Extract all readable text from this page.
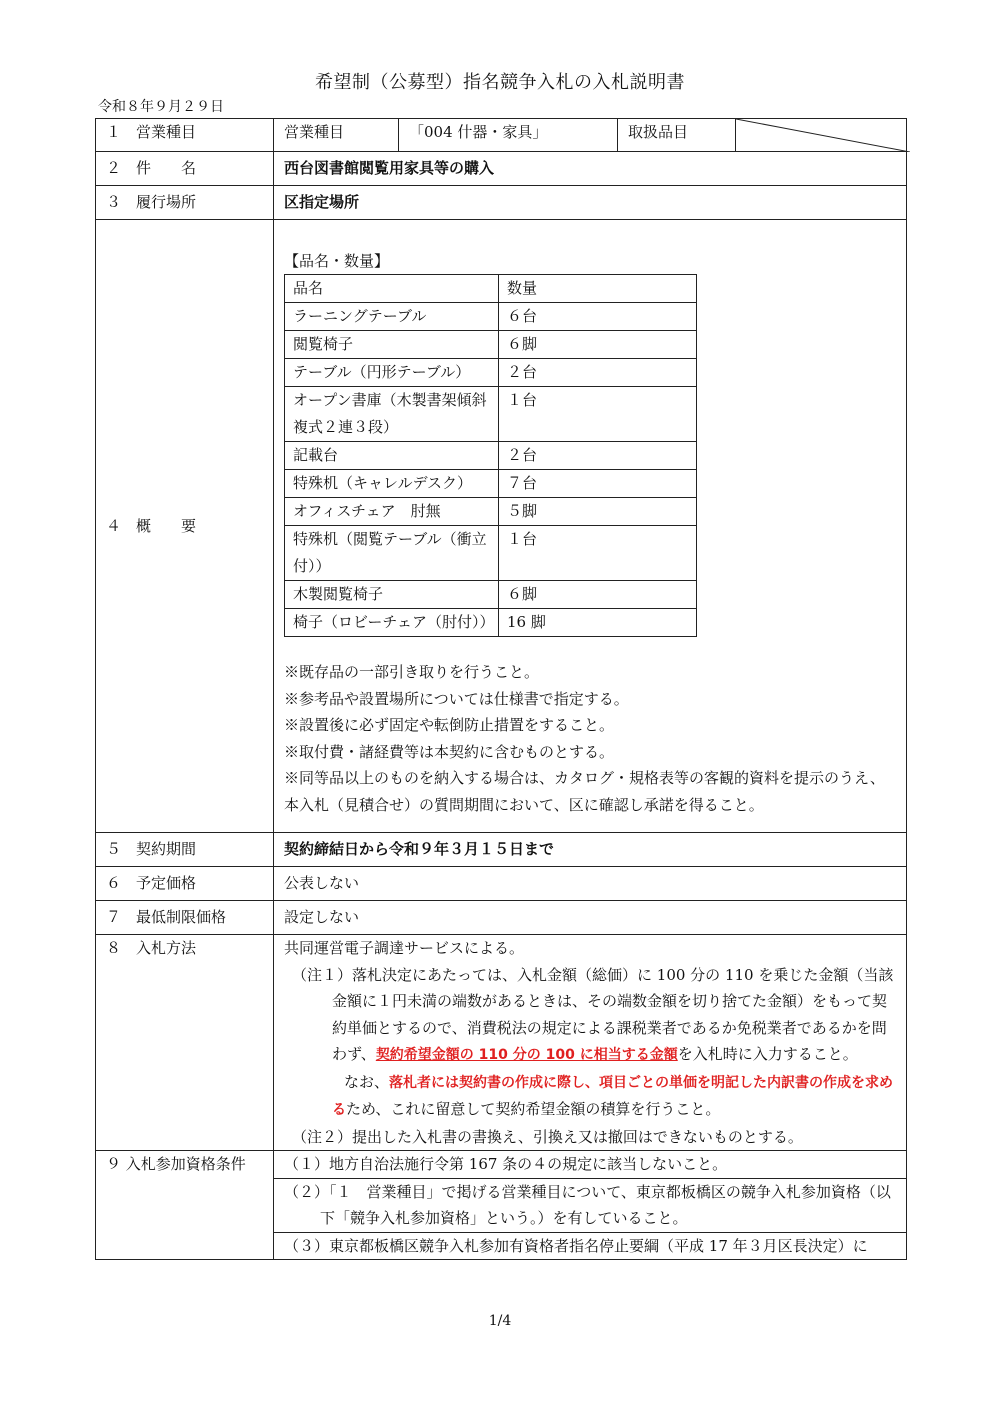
希望制（公募型）指名競争入札の入札説明書
令和８年９月２９日
１　営業種目		営業種目	「004 什器・家具」	取扱品目	

２　件　　名	西台図書館閲覧用家具等の購入
３　履行場所	区指定場所
４　概　　要	
【品名・数量】
品名	数量
ラーニングテーブル	６台
閲覧椅子	６脚
テーブル（円形テーブル）	２台
オープン書庫（木製書架傾斜複式２連３段）	１台
記載台	２台
特殊机（キャレルデスク）	７台
オフィスチェア　肘無	５脚
特殊机（閲覧テーブル（衝立付））	１台
木製閲覧椅子	６脚
椅子（ロビーチェア（肘付））	16 脚
※既存品の一部引き取りを行うこと。
※参考品や設置場所については仕様書で指定する。
※設置後に必ず固定や転倒防止措置をすること。
※取付費・諸経費等は本契約に含むものとする。
※同等品以上のものを納入する場合は、カタログ・規格表等の客観的資料を提示のうえ、本入札（見積合せ）の質問期間において、区に確認し承諾を得ること。

５　契約期間	契約締結日から令和９年３月１５日まで
６　予定価格	公表しない
７　最低制限価格	設定しない
８　入札方法	共同運営電子調達サービスによる。
（注１）落札決定にあたっては、入札金額（総価）に 100 分の 110 を乗じた金額（当該金額に１円未満の端数があるときは、その端数金額を切り捨てた金額）をもって契約単価とするので、消費税法の規定による課税業者であるか免税業者であるかを問わず、契約希望金額の 110 分の 100 に相当する金額を入札時に入力すること。
なお、落札者には契約書の作成に際し、項目ごとの単価を明記した内訳書の作成を求めるため、これに留意して契約希望金額の積算を行うこと。
（注２）提出した入札書の書換え、引換え又は撤回はできないものとする。

９ 入札参加資格条件	（１）地方自治法施行令第 167 条の４の規定に該当しないこと。
（２）「１　営業種目」で掲げる営業種目について、東京都板橋区の競争入札参加資格（以下「競争入札参加資格」という。）を有していること。
（３）東京都板橋区競争入札参加有資格者指名停止要綱（平成 17 年３月区長決定）に
1/4
